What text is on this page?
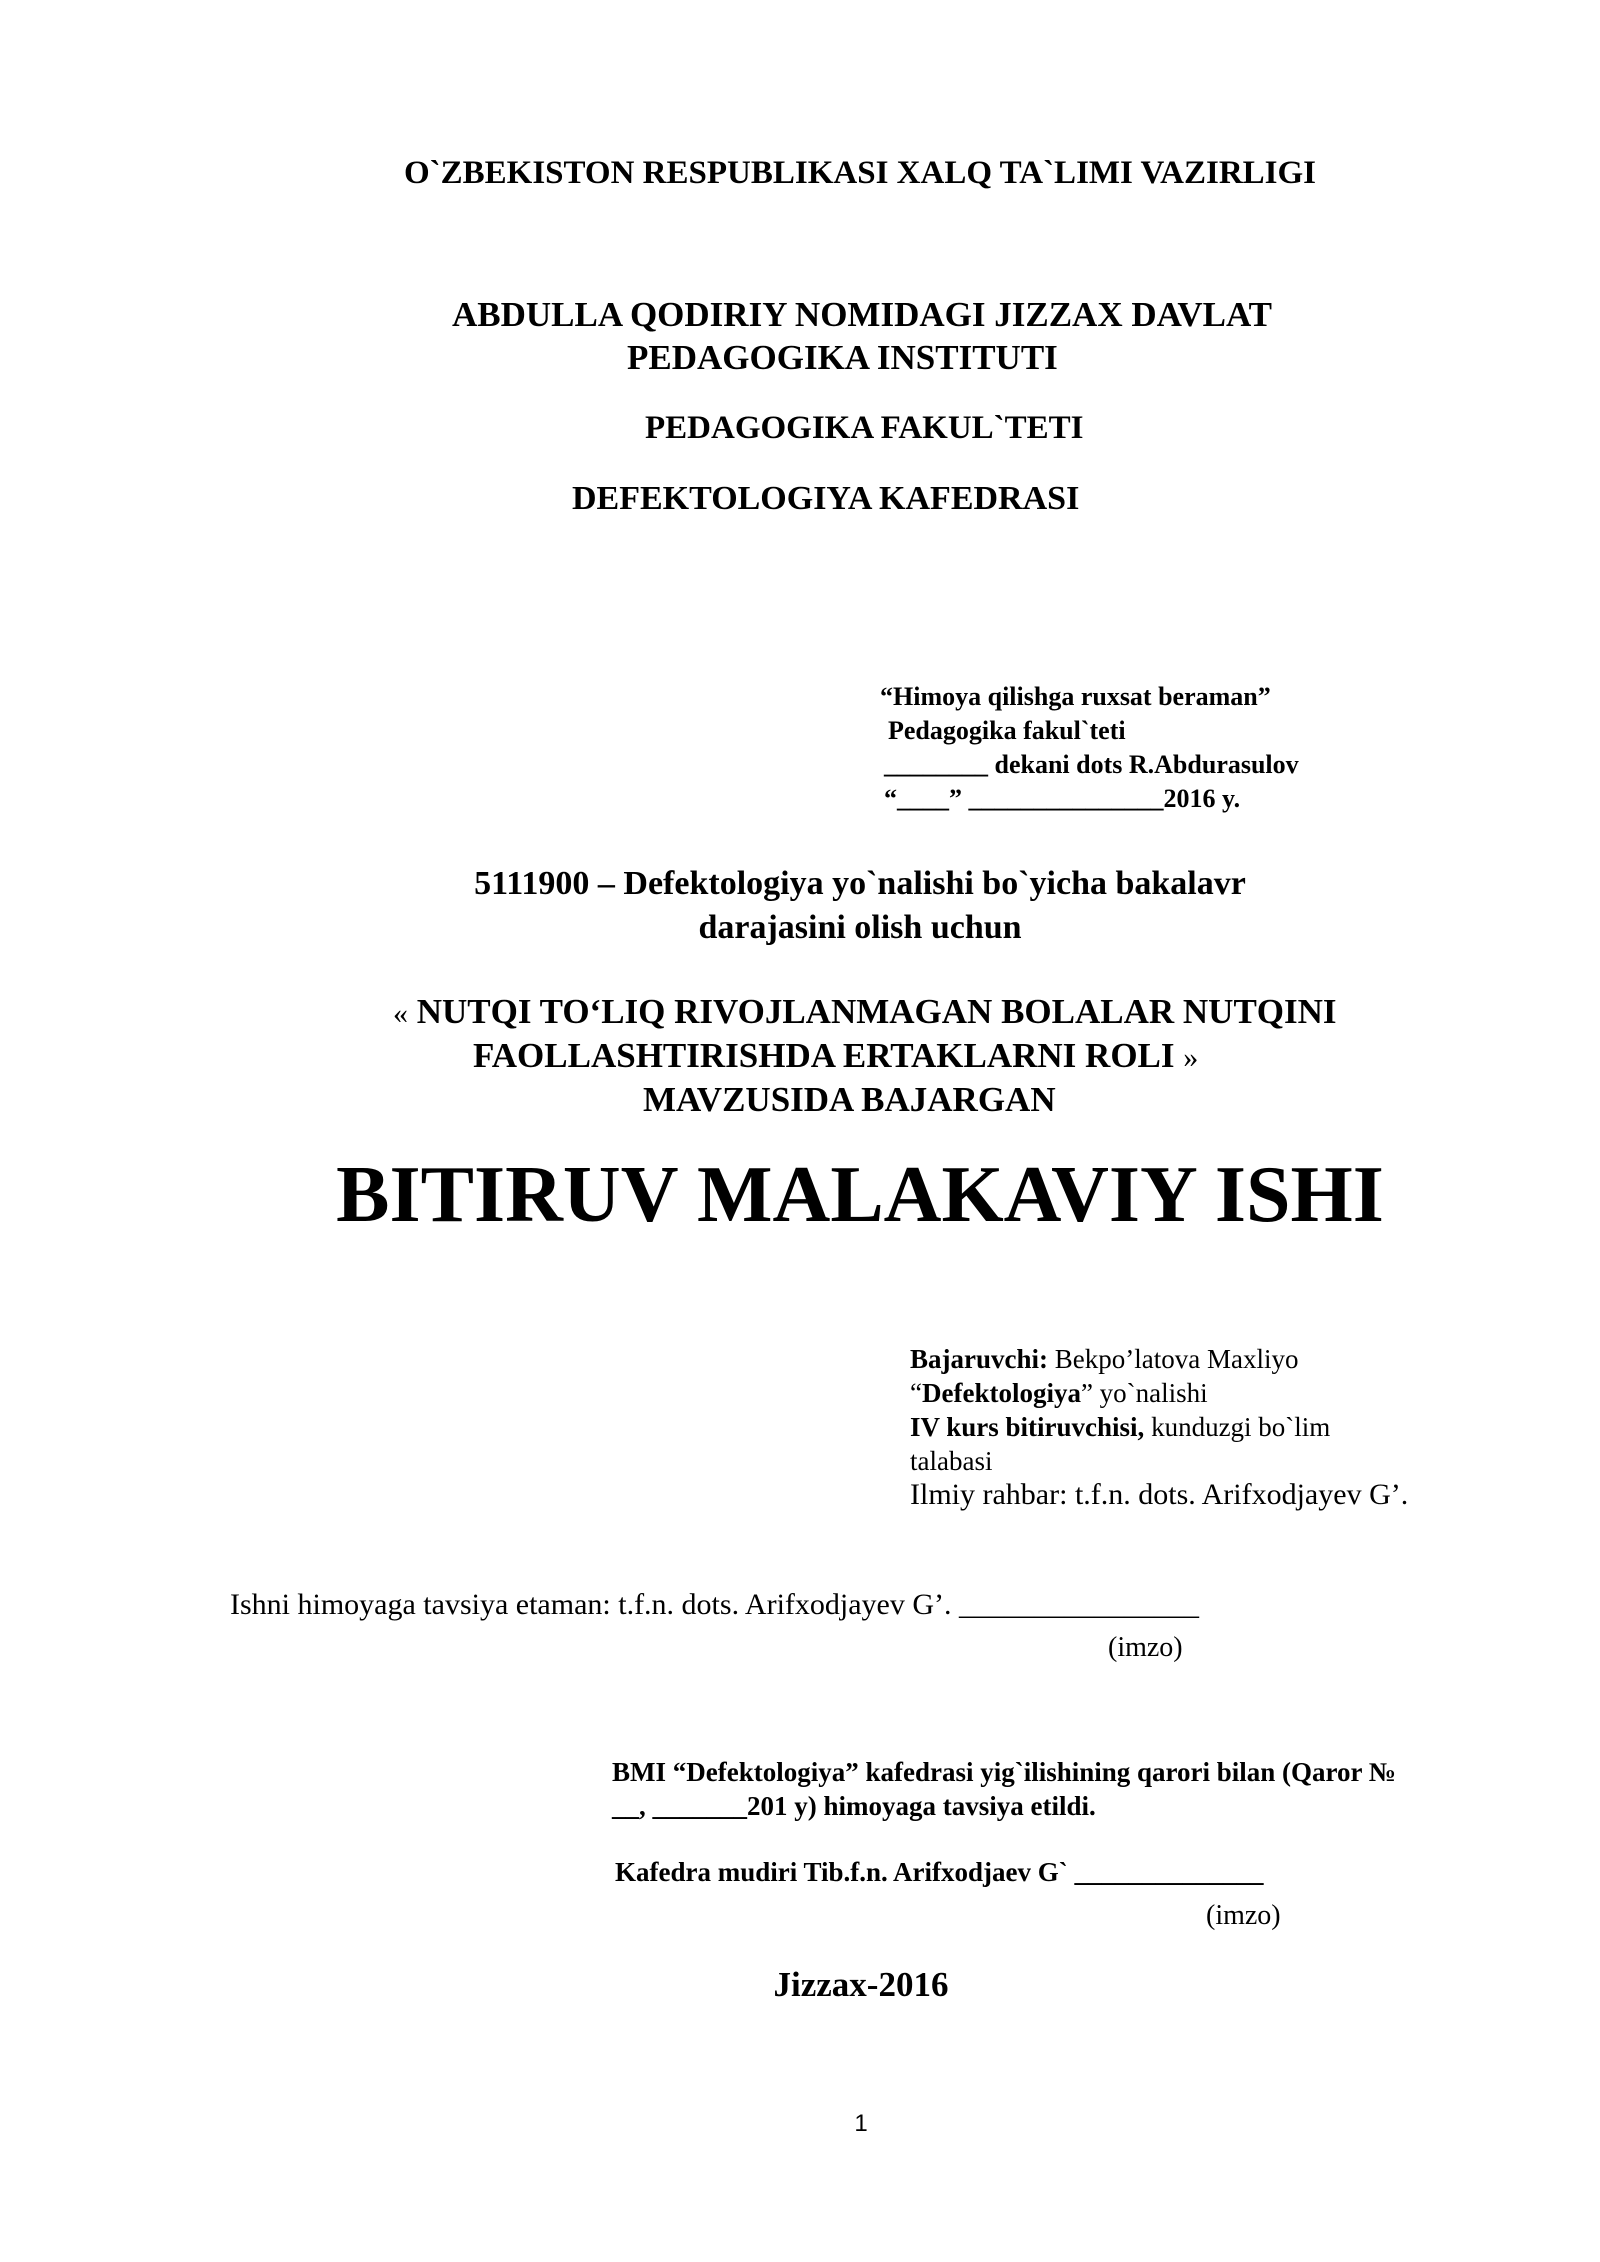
O`ZBEKISTON RESPUBLIKASI XALQ TA`LIMI VAZIRLIGI
ABDULLA QODIRIY NOMIDAGI JIZZAX DAVLAT
PEDAGOGIKA INSTITUTI
PEDAGOGIKA FAKUL`TETI
DEFEKTOLOGIYA KAFEDRASI
“Himoya qilishga ruxsat beraman”
Pedagogika fakul`teti
________ dekani dots R.Abdurasulov
“____” _______________2016 y.
5111900 – Defektologiya yo`nalishi bo`yicha bakalavr
darajasini olish uchun
« NUTQI TO‘LIQ RIVOJLANMAGAN BOLALAR NUTQINI
FAOLLASHTIRISHDA ERTAKLARNI ROLI »
MAVZUSIDA BAJARGAN
BITIRUV MALAKAVIY ISHI
Bajaruvchi: Bekpo’latova Maxliyo
“Defektologiya” yo`nalishi
IV kurs bitiruvchisi, kunduzgi bo`lim
talabasi
Ilmiy rahbar: t.f.n. dots. Arifxodjayev G’.
Ishni himoyaga tavsiya etaman: t.f.n. dots. Arifxodjayev G’. ________________
(imzo)
BMI “Defektologiya” kafedrasi yig`ilishining qarori bilan (Qaror №
__, _______201 y) himoyaga tavsiya etildi.
Kafedra mudiri Tib.f.n. Arifxodjaev G` ______________
(imzo)
Jizzax-2016
1
